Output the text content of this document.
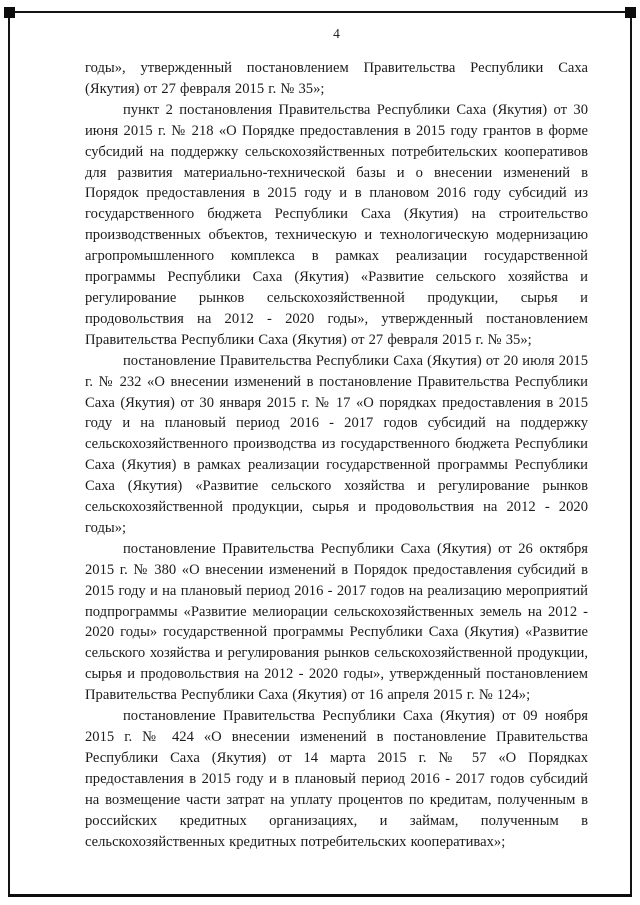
4

годы», утвержденный постановлением Правительства Республики Саха (Якутия) от 27 февраля 2015 г. № 35»;

пункт 2 постановления Правительства Республики Саха (Якутия) от 30 июня 2015 г. № 218 «О Порядке предоставления в 2015 году грантов в форме субсидий на поддержку сельскохозяйственных потребительских кооперативов для развития материально-технической базы и о внесении изменений в Порядок предоставления в 2015 году и в плановом 2016 году субсидий из государственного бюджета Республики Саха (Якутия) на строительство производственных объектов, техническую и технологическую модернизацию агропромышленного комплекса в рамках реализации государственной программы Республики Саха (Якутия) «Развитие сельского хозяйства и регулирование рынков сельскохозяйственной продукции, сырья и продовольствия на 2012 - 2020 годы», утвержденный постановлением Правительства Республики Саха (Якутия) от 27 февраля 2015 г. № 35»;

постановление Правительства Республики Саха (Якутия) от 20 июля 2015 г. № 232 «О внесении изменений в постановление Правительства Республики Саха (Якутия) от 30 января 2015 г. № 17 «О порядках предоставления в 2015 году и на плановый период 2016 - 2017 годов субсидий на поддержку сельскохозяйственного производства из государственного бюджета Республики Саха (Якутия) в рамках реализации государственной программы Республики Саха (Якутия) «Развитие сельского хозяйства и регулирование рынков сельскохозяйственной продукции, сырья и продовольствия на 2012 - 2020 годы»;

постановление Правительства Республики Саха (Якутия) от 26 октября 2015 г. № 380 «О внесении изменений в Порядок предоставления субсидий в 2015 году и на плановый период 2016 - 2017 годов на реализацию мероприятий подпрограммы «Развитие мелиорации сельскохозяйственных земель на 2012 - 2020 годы» государственной программы Республики Саха (Якутия) «Развитие сельского хозяйства и регулирования рынков сельскохозяйственной продукции, сырья и продовольствия на 2012 - 2020 годы», утвержденный постановлением Правительства Республики Саха (Якутия) от 16 апреля 2015 г. № 124»;

постановление Правительства Республики Саха (Якутия) от 09 ноября 2015 г. № 424 «О внесении изменений в постановление Правительства Республики Саха (Якутия) от 14 марта 2015 г. № 57 «О Порядках предоставления в 2015 году и в плановый период 2016 - 2017 годов субсидий на возмещение части затрат на уплату процентов по кредитам, полученным в российских кредитных организациях, и займам, полученным в сельскохозяйственных кредитных потребительских кооперативах»;
